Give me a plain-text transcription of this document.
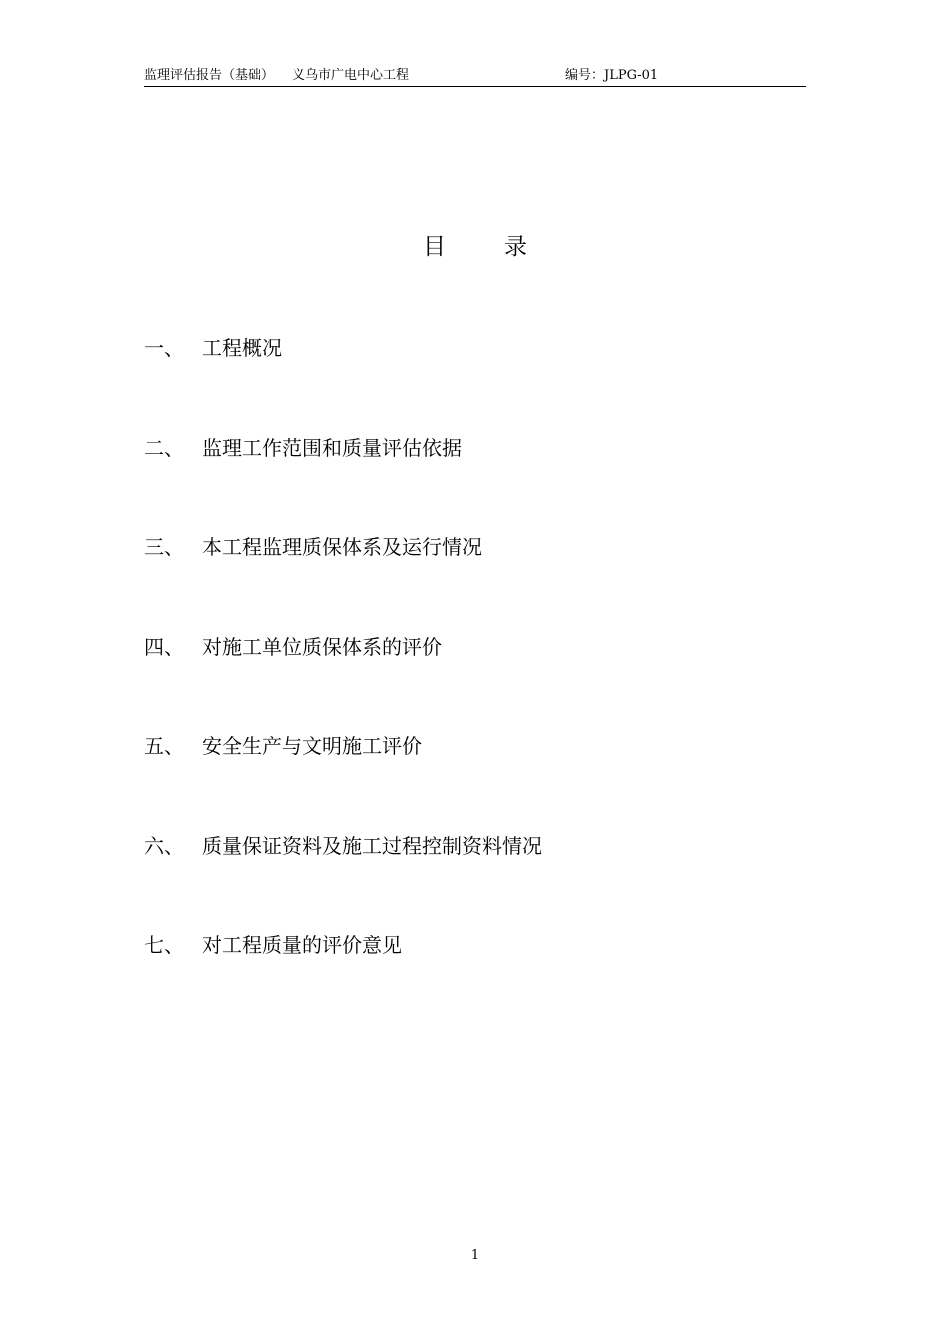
监理评估报告（基础） 义乌市广电中心工程	编号：JLPG-01
目	录
一、 工程概况
二、 监理工作范围和质量评估依据
三、 本工程监理质保体系及运行情况
四、 对施工单位质保体系的评价
五、 安全生产与文明施工评价
六、 质量保证资料及施工过程控制资料情况
七、 对工程质量的评价意见
1
